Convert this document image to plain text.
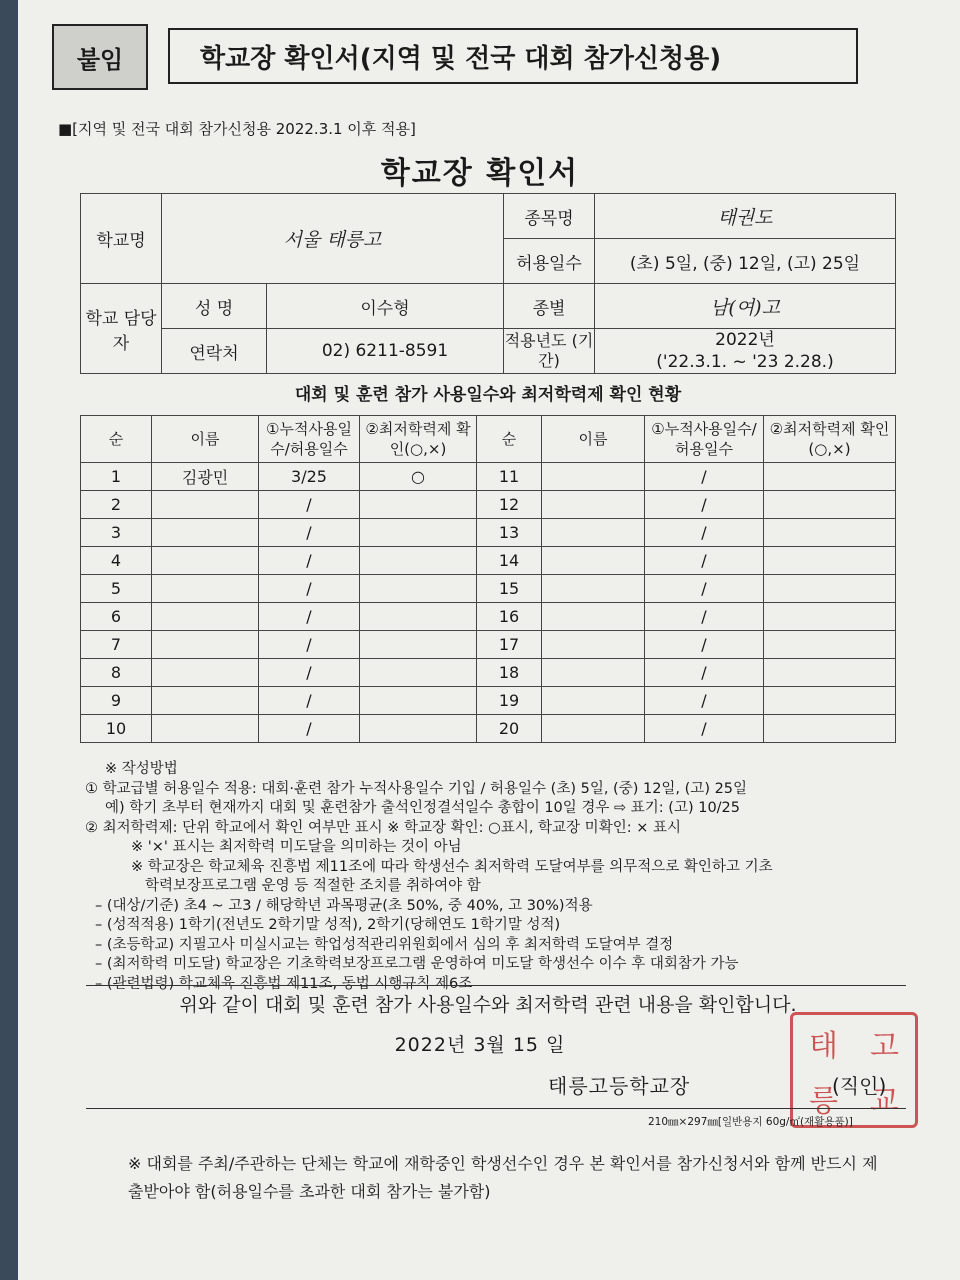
붙임	학교장 확인서(지역 및 전국 대회 참가신청용)
■[지역 및 전국 대회 참가신청용 2022.3.1 이후 적용]
학교장 확인서
학교명	서울 태릉고		종목명	태권도
			허용일수	(초) 5일, (중) 12일, (고) 25일
학교 담당자	성 명	이수형	종별	남(여)고
	연락처	02) 6211-8591	적용년도 (기간)	2022년
('22.3.1. ~ '23 2.28.)
대회 및 훈련 참가 사용일수와 최저학력제 확인 현황
순	이름	①누적사용일수/허용일수	②최저학력제 확인(○,×)	순	이름	①누적사용일수/허용일수	②최저학력제 확인(○,×)
1	김광민	3/25	○	11		/	
2		/		12		/	
3		/		13		/	
4		/		14		/	
5		/		15		/	
6		/		16		/	
7		/		17		/	
8		/		18		/	
9		/		19		/	
10		/		20		/	
※ 작성방법
① 학교급별 허용일수 적용: 대회·훈련 참가 누적사용일수 기입 / 허용일수 (초) 5일, (중) 12일, (고) 25일
예) 학기 초부터 현재까지 대회 및 훈련참가 출석인정결석일수 총합이 10일 경우 ⇨ 표기: (고) 10/25
② 최저학력제: 단위 학교에서 확인 여부만 표시 ※ 학교장 확인: ○표시, 학교장 미확인: × 표시
※ '×' 표시는 최저학력 미도달을 의미하는 것이 아님
※ 학교장은 학교체육 진흥법 제11조에 따라 학생선수 최저학력 도달여부를 의무적으로 확인하고 기초
학력보장프로그램 운영 등 적절한 조치를 취하여야 함
– (대상/기준) 초4 ~ 고3 / 해당학년 과목평균(초 50%, 중 40%, 고 30%)적용
– (성적적용) 1학기(전년도 2학기말 성적), 2학기(당해연도 1학기말 성적)
– (초등학교) 지필고사 미실시교는 학업성적관리위원회에서 심의 후 최저학력 도달여부 결정
– (최저학력 미도달) 학교장은 기초학력보장프로그램 운영하여 미도달 학생선수 이수 후 대회참가 가능
– (관련법령) 학교체육 진흥법 제11조, 동법 시행규칙 제6조
위와 같이 대회 및 훈련 참가 사용일수와 최저학력 관련 내용을 확인합니다.
2022년 3월 15 일
태릉고등학교장
태 고
릉 교
(직인)
210㎜×297㎜[일반용지 60g/㎡(재활용품)]
※ 대회를 주최/주관하는 단체는 학교에 재학중인 학생선수인 경우 본 확인서를 참가신청서와 함께 반드시 제출받아야 함(허용일수를 초과한 대회 참가는 불가함)
